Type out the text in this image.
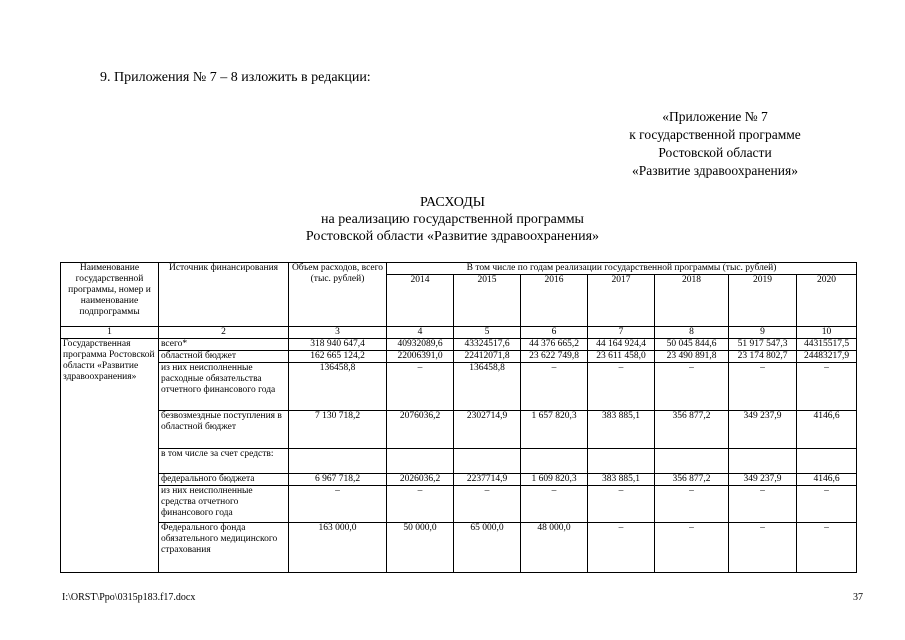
9. Приложения № 7 – 8 изложить в редакции:
«Приложение № 7
к государственной программе
Ростовской области
«Развитие здравоохранения»
РАСХОДЫ
на реализацию государственной программы
Ростовской области «Развитие здравоохранения»
Наименование государственной программы, номер и наименование подпрограммы	Источник финансирования	Объем расходов, всего (тыс. рублей)	В том числе по годам реализации государственной программы (тыс. рублей)						
			2014	2015	2016	2017	2018	2019	2020
1	2	3	4	5	6	7	8	9	10
Государственная программа Ростовской области «Развитие здравоохранения»	всего*	318 940 647,4	40932089,6	43324517,6	44 376 665,2	44 164 924,4	50 045 844,6	51 917 547,3	44315517,5
	областной бюджет	162 665 124,2	22006391,0	22412071,8	23 622 749,8	23 611 458,0	23 490 891,8	23 174 802,7	24483217,9
	из них неисполненные расходные обязательства отчетного финансового года	136458,8	–	136458,8	–	–	–	–	–
	безвозмездные поступления в областной бюджет	7 130 718,2	2076036,2	2302714,9	1 657 820,3	383 885,1	356 877,2	349 237,9	4146,6
	в том числе за счет средств:								
	федерального бюджета	6 967 718,2	2026036,2	2237714,9	1 609 820,3	383 885,1	356 877,2	349 237,9	4146,6
	из них неисполненные средства отчетного финансового года	–	–	–	–	–	–	–	–
	Федерального фонда обязательного медицинского страхования	163 000,0	50 000,0	65 000,0	48 000,0	–	–	–	–
I:\ORST\Ppo\0315p183.f17.docx	37
